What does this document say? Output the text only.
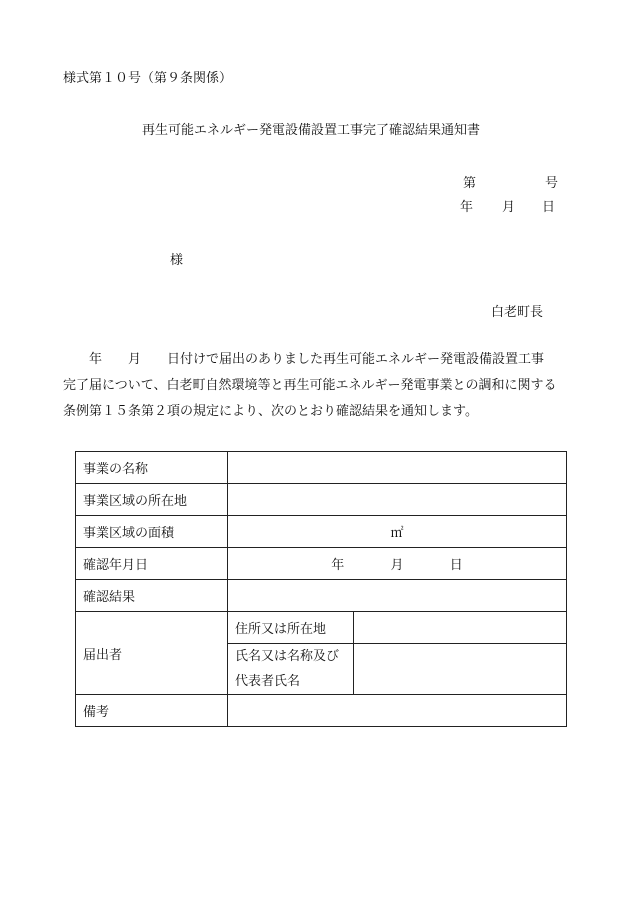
様式第１０号（第９条関係）
再生可能エネルギー発電設備設置工事完了確認結果通知書
第	号
年 月 日
様
白老町長
　　年　　月　　日付けで届出のありました再生可能エネルギー発電設備設置工事
完了届について、白老町自然環境等と再生可能エネルギー発電事業との調和に関する
条例第１５条第２項の規定により、次のとおり確認結果を通知します。
事業の名称		
事業区域の所在地		
事業区域の面積	㎡	
確認年月日	年 月 日	
確認結果		
届出者	住所又は所在地	

	氏名又は名称及び
代表者氏名	

備考		
